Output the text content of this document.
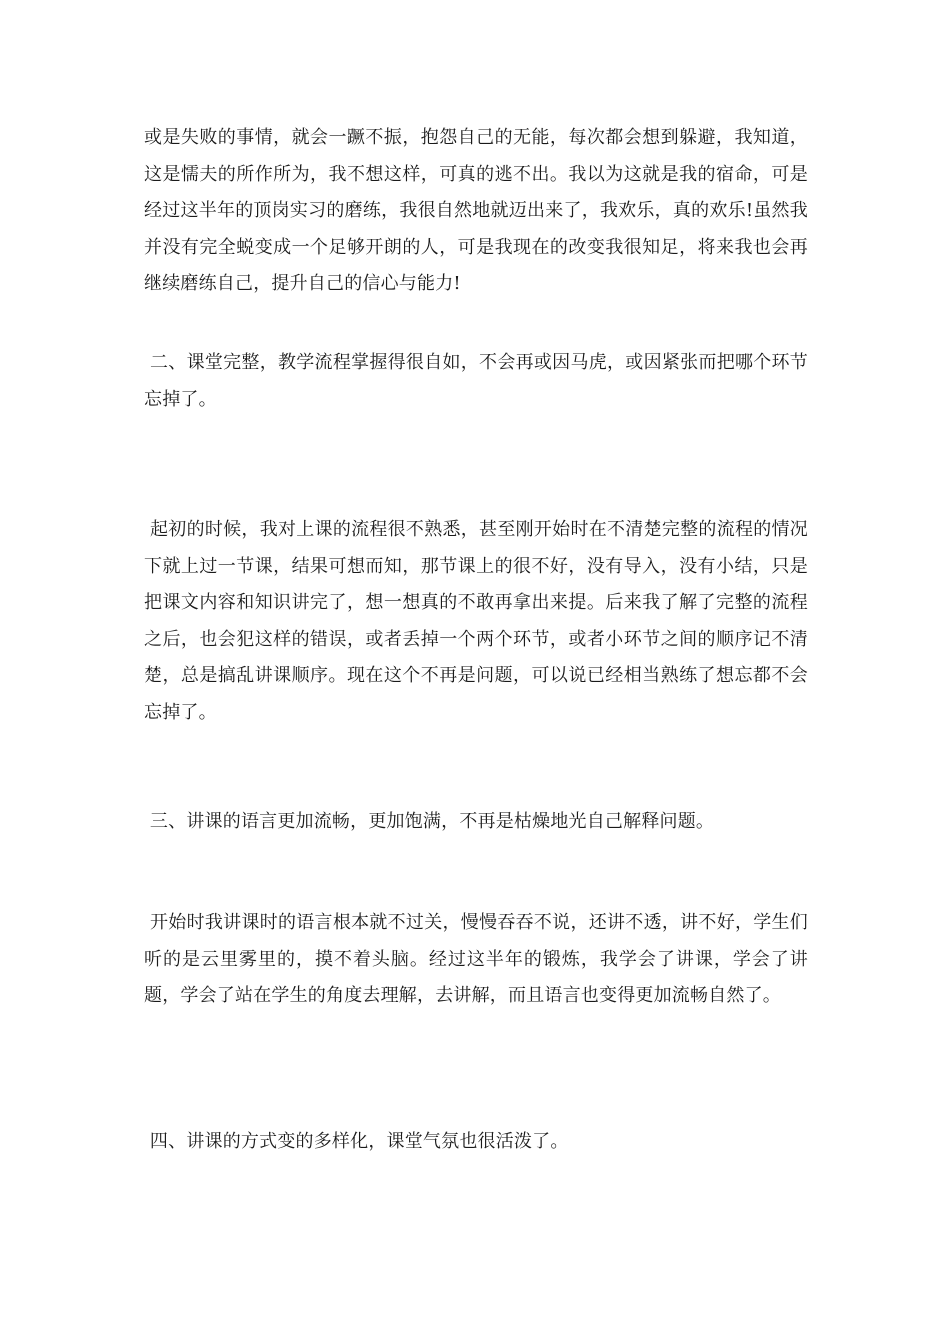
或是失败的事情，就会一蹶不振，抱怨自己的无能，每次都会想到躲避，我知道，这是懦夫的所作所为，我不想这样，可真的逃不出。我以为这就是我的宿命，可是经过这半年的顶岗实习的磨练，我很自然地就迈出来了，我欢乐，真的欢乐!虽然我并没有完全蜕变成一个足够开朗的人，可是我现在的改变我很知足，将来我也会再继续磨练自己，提升自己的信心与能力!

二、课堂完整，教学流程掌握得很自如，不会再或因马虎，或因紧张而把哪个环节忘掉了。

起初的时候，我对上课的流程很不熟悉，甚至刚开始时在不清楚完整的流程的情况下就上过一节课，结果可想而知，那节课上的很不好，没有导入，没有小结，只是把课文内容和知识讲完了，想一想真的不敢再拿出来提。后来我了解了完整的流程之后，也会犯这样的错误，或者丢掉一个两个环节，或者小环节之间的顺序记不清楚，总是搞乱讲课顺序。现在这个不再是问题，可以说已经相当熟练了想忘都不会忘掉了。

三、讲课的语言更加流畅，更加饱满，不再是枯燥地光自己解释问题。

开始时我讲课时的语言根本就不过关，慢慢吞吞不说，还讲不透，讲不好，学生们听的是云里雾里的，摸不着头脑。经过这半年的锻炼，我学会了讲课，学会了讲题，学会了站在学生的角度去理解，去讲解，而且语言也变得更加流畅自然了。

四、讲课的方式变的多样化，课堂气氛也很活泼了。
